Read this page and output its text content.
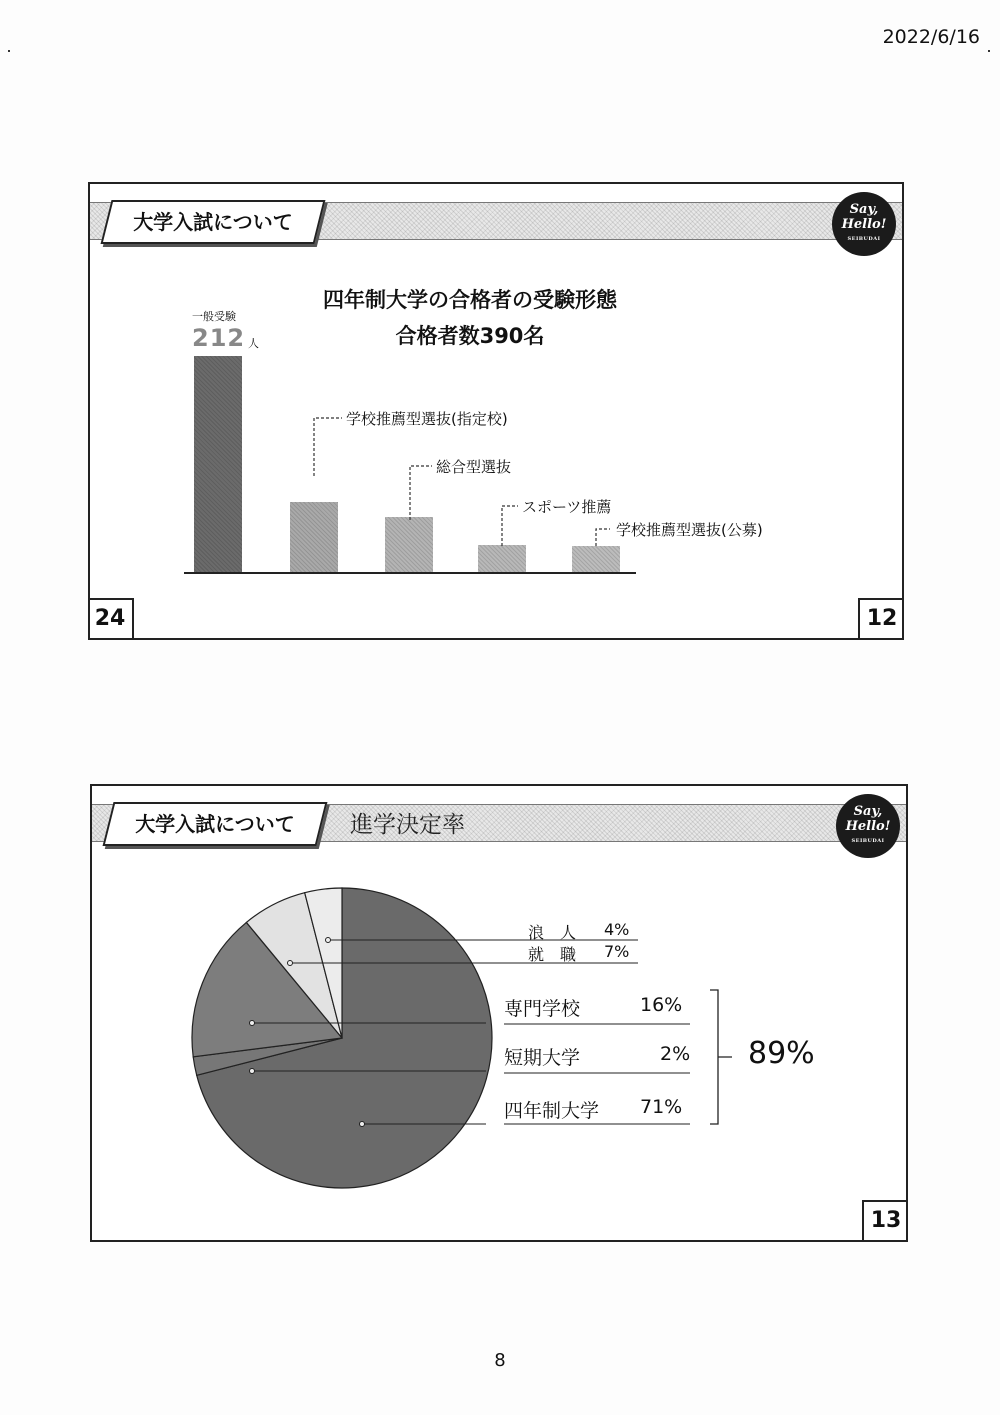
2022/6/16
大学入試について
Say,
Hello!
SEIBUDAI
四年制大学の合格者の受験形態
合格者数390名
一般受験
212 人
学校推薦型選抜(指定校)
総合型選抜
スポーツ推薦
学校推薦型選抜(公募)
24	12
大学入試について	進学決定率
Say,
Hello!
SEIBUDAI
浪　人 4%
就　職 7%
専門学校	16%
短期大学	2%
四年制大学 71%
89%
13
8
